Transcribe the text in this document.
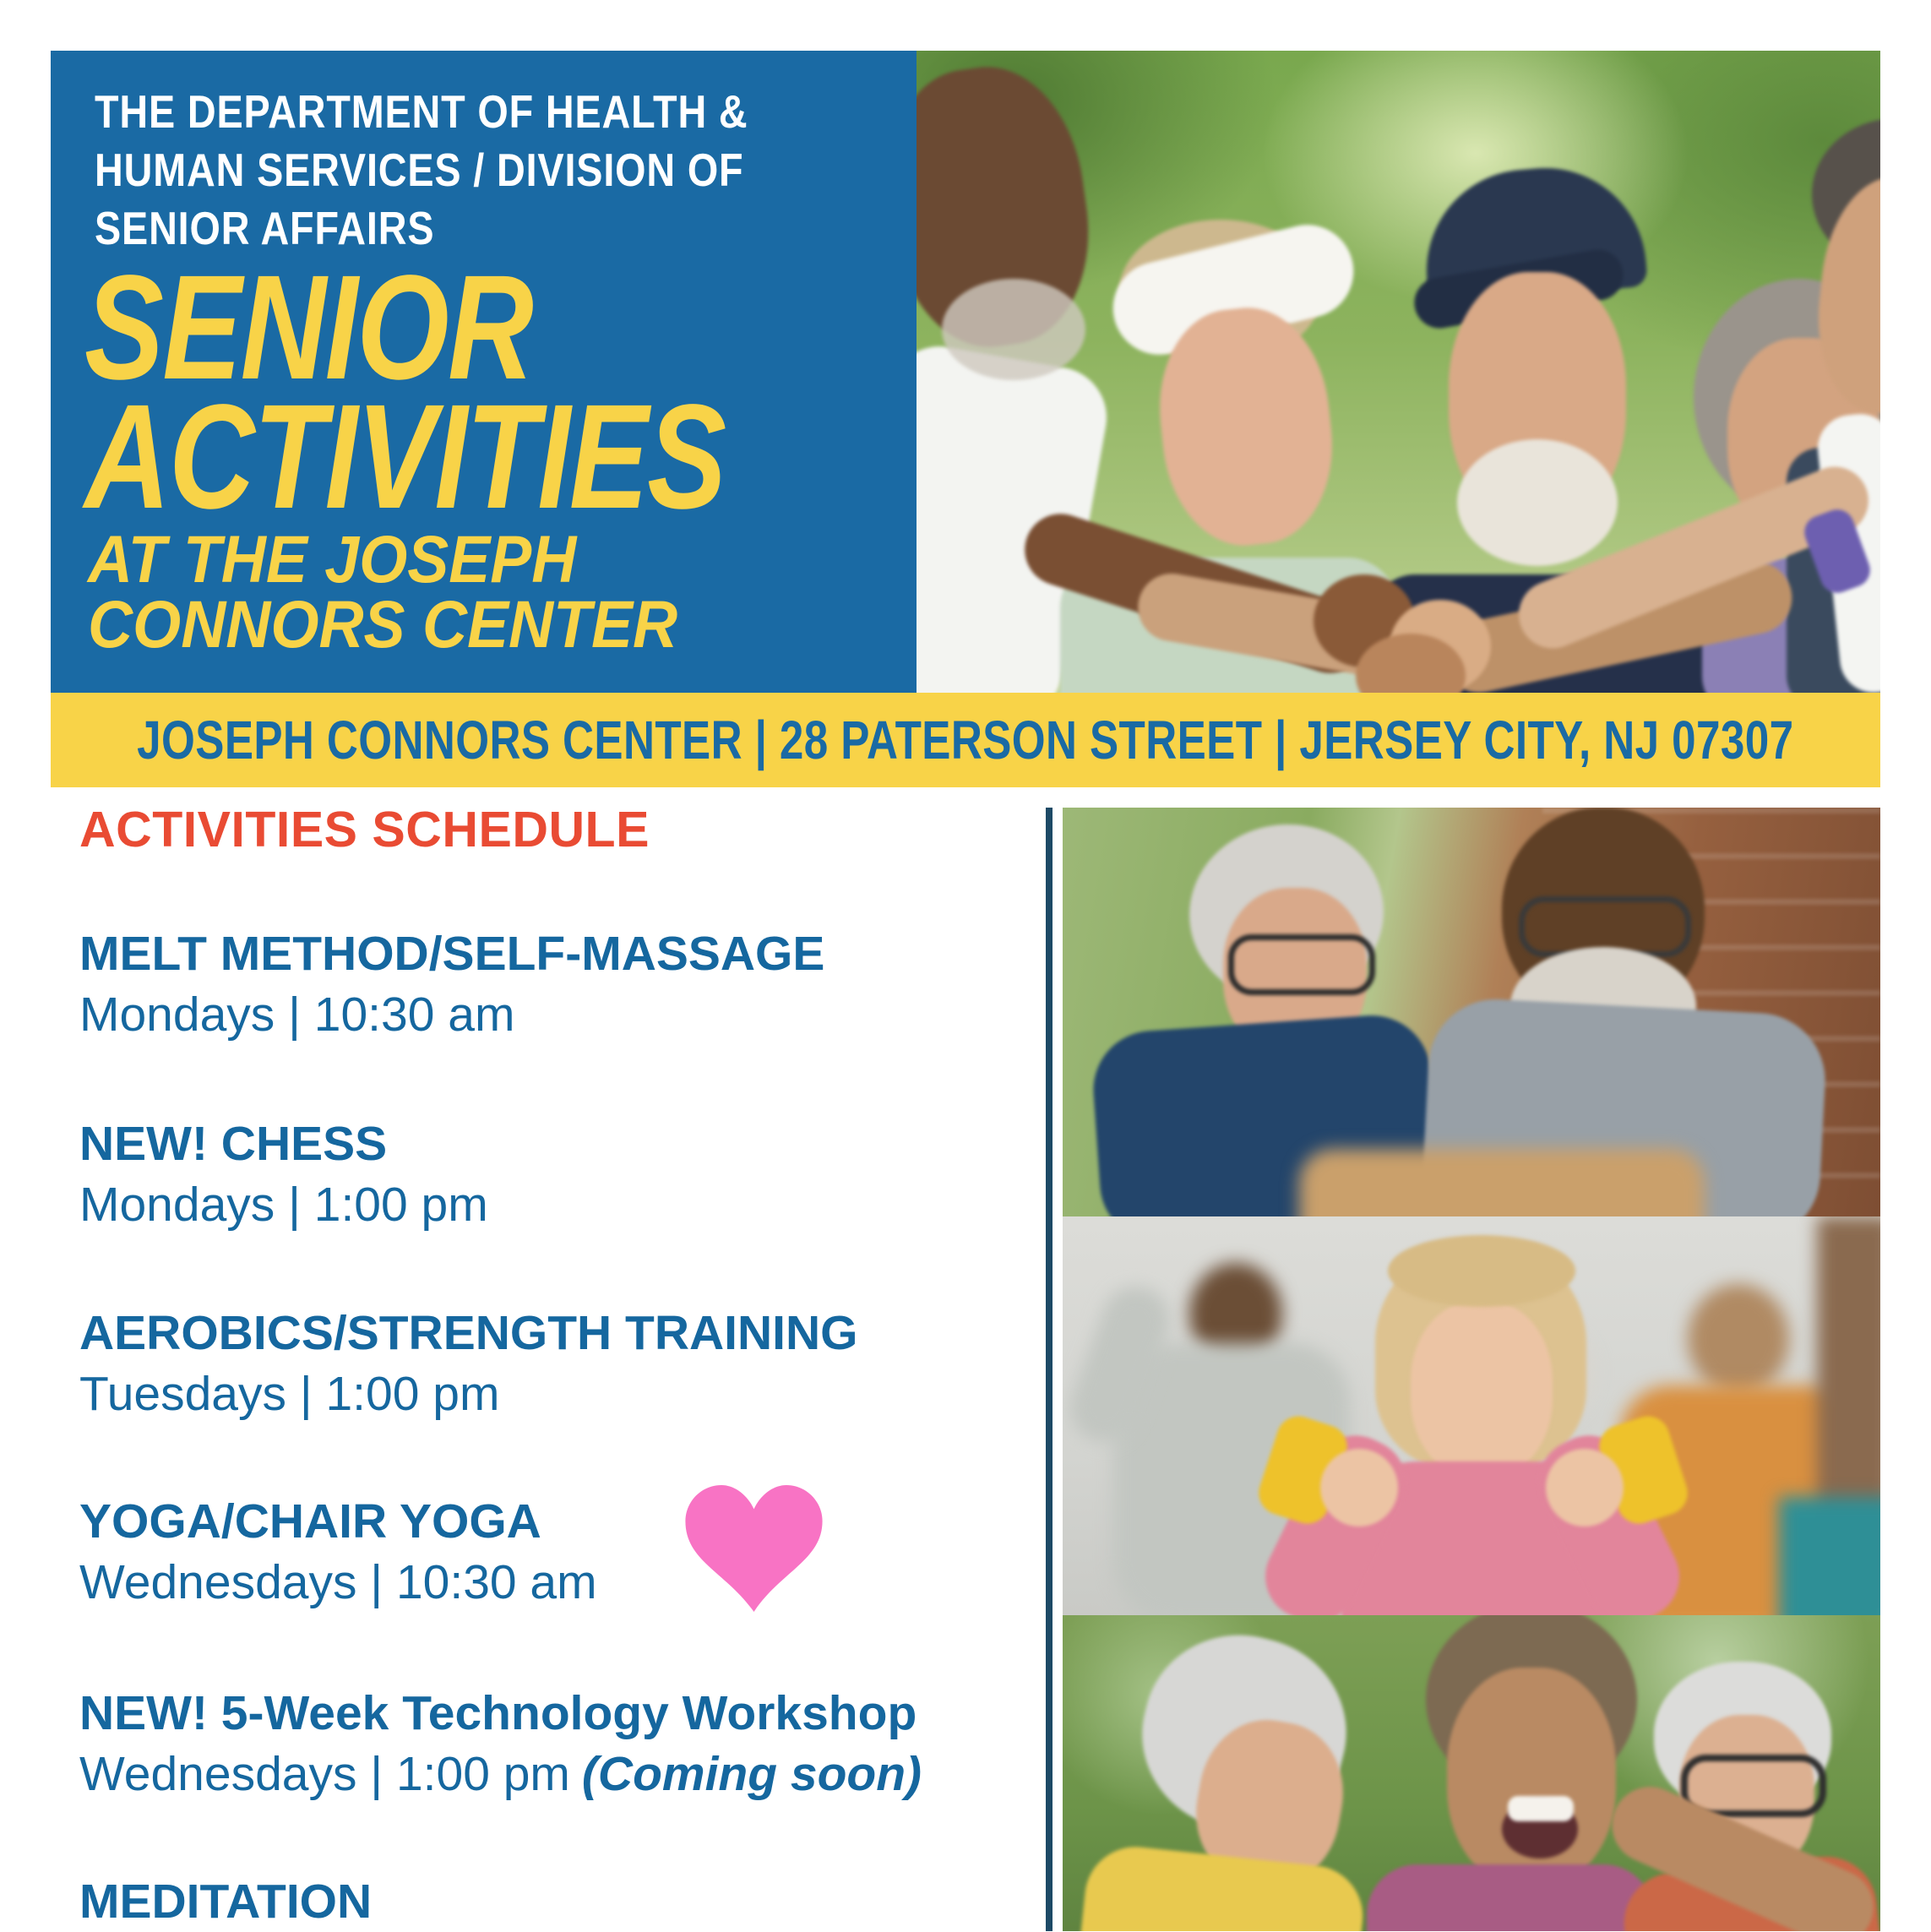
THE DEPARTMENT OF HEALTH &
HUMAN SERVICES / DIVISION OF
SENIOR AFFAIRS
SENIOR
ACTIVITIES
AT THE JOSEPH
CONNORS CENTER
JOSEPH CONNORS CENTER | 28 PATERSON STREET | JERSEY CITY, NJ 07307
ACTIVITIES SCHEDULE
MELT METHOD/SELF-MASSAGE
Mondays | 10:30 am
NEW! CHESS
Mondays | 1:00 pm
AEROBICS/STRENGTH TRAINING
Tuesdays | 1:00 pm
YOGA/CHAIR YOGA
Wednesdays | 10:30 am
NEW! 5-Week Technology Workshop
Wednesdays | 1:00 pm (Coming soon)
MEDITATION
